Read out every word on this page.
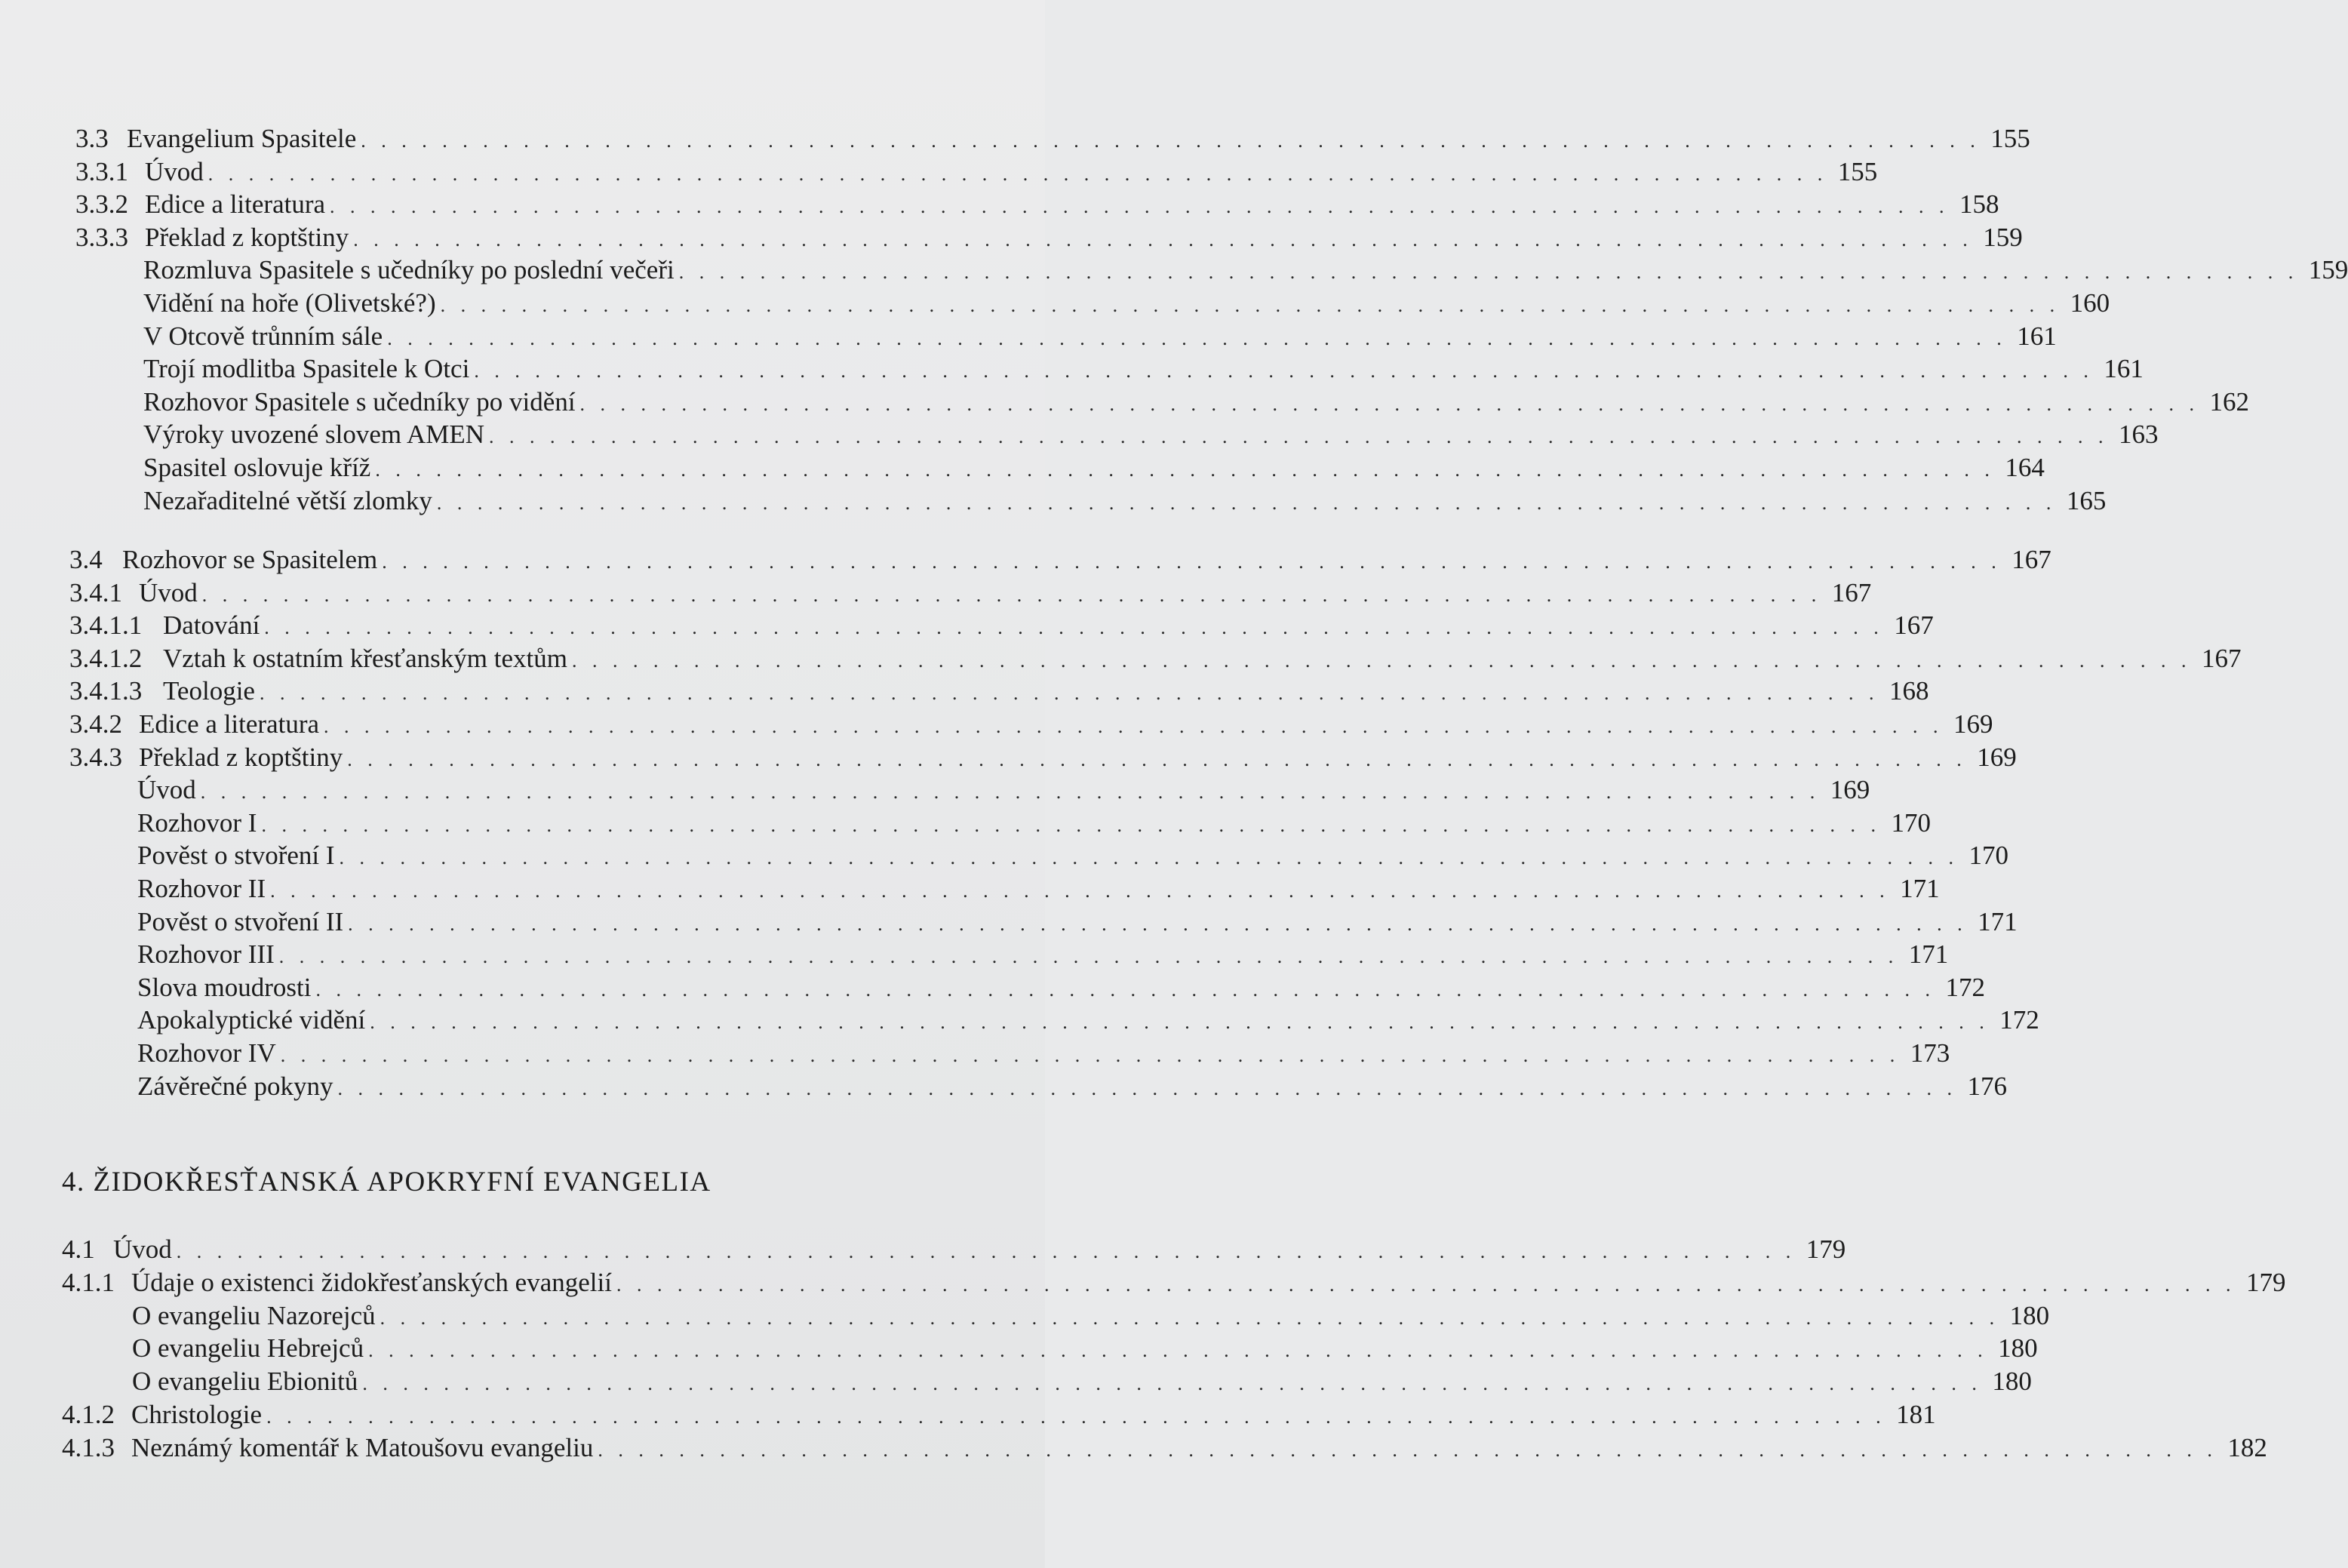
4. ŽIDOKŘESŤANSKÁ APOKRYFNÍ EVANGELIA
3.3 Evangelium Spasitele . . . . . . . . . . . . . . . . . . . . . . . . . . . . . . . . . . . . . . . . . . . . . . . . . . . . . . . . . . . . . . . . . . . . . . . . . . . . . . . . 155
3.3.1 Úvod . . . . . . . . . . . . . . . . . . . . . . . . . . . . . . . . . . . . . . . . . . . . . . . . . . . . . . . . . . . . . . . . . . . . . . . . . . . . . . . . 155
3.3.2 Edice a literatura . . . . . . . . . . . . . . . . . . . . . . . . . . . . . . . . . . . . . . . . . . . . . . . . . . . . . . . . . . . . . . . . . . . . . . . . . . . . . . . . 158
3.3.3 Překlad z koptštiny . . . . . . . . . . . . . . . . . . . . . . . . . . . . . . . . . . . . . . . . . . . . . . . . . . . . . . . . . . . . . . . . . . . . . . . . . . . . . . . . 159
Rozmluva Spasitele s učedníky po poslední večeři . . . . . . . . . . . . . . . . . . . . . . . . . . . . . . . . . . . . . . . . . . . . . . . . . . . . . . . . . . . . . . . . . . . . . . . . . . . . . . . . 159
Vidění na hoře (Olivetské?) . . . . . . . . . . . . . . . . . . . . . . . . . . . . . . . . . . . . . . . . . . . . . . . . . . . . . . . . . . . . . . . . . . . . . . . . . . . . . . . . 160
V Otcově trůnním sále . . . . . . . . . . . . . . . . . . . . . . . . . . . . . . . . . . . . . . . . . . . . . . . . . . . . . . . . . . . . . . . . . . . . . . . . . . . . . . . . 161
Trojí modlitba Spasitele k Otci . . . . . . . . . . . . . . . . . . . . . . . . . . . . . . . . . . . . . . . . . . . . . . . . . . . . . . . . . . . . . . . . . . . . . . . . . . . . . . . . 161
Rozhovor Spasitele s učedníky po vidění . . . . . . . . . . . . . . . . . . . . . . . . . . . . . . . . . . . . . . . . . . . . . . . . . . . . . . . . . . . . . . . . . . . . . . . . . . . . . . . . 162
Výroky uvozené slovem AMEN . . . . . . . . . . . . . . . . . . . . . . . . . . . . . . . . . . . . . . . . . . . . . . . . . . . . . . . . . . . . . . . . . . . . . . . . . . . . . . . . 163
Spasitel oslovuje kříž . . . . . . . . . . . . . . . . . . . . . . . . . . . . . . . . . . . . . . . . . . . . . . . . . . . . . . . . . . . . . . . . . . . . . . . . . . . . . . . . 164
Nezařaditelné větší zlomky . . . . . . . . . . . . . . . . . . . . . . . . . . . . . . . . . . . . . . . . . . . . . . . . . . . . . . . . . . . . . . . . . . . . . . . . . . . . . . . . 165
3.4 Rozhovor se Spasitelem . . . . . . . . . . . . . . . . . . . . . . . . . . . . . . . . . . . . . . . . . . . . . . . . . . . . . . . . . . . . . . . . . . . . . . . . . . . . . . . . 167
3.4.1 Úvod . . . . . . . . . . . . . . . . . . . . . . . . . . . . . . . . . . . . . . . . . . . . . . . . . . . . . . . . . . . . . . . . . . . . . . . . . . . . . . . . 167
3.4.1.1 Datování . . . . . . . . . . . . . . . . . . . . . . . . . . . . . . . . . . . . . . . . . . . . . . . . . . . . . . . . . . . . . . . . . . . . . . . . . . . . . . . . 167
3.4.1.2 Vztah k ostatním křesťanským textům . . . . . . . . . . . . . . . . . . . . . . . . . . . . . . . . . . . . . . . . . . . . . . . . . . . . . . . . . . . . . . . . . . . . . . . . . . . . . . . . 167
3.4.1.3 Teologie . . . . . . . . . . . . . . . . . . . . . . . . . . . . . . . . . . . . . . . . . . . . . . . . . . . . . . . . . . . . . . . . . . . . . . . . . . . . . . . . 168
3.4.2 Edice a literatura . . . . . . . . . . . . . . . . . . . . . . . . . . . . . . . . . . . . . . . . . . . . . . . . . . . . . . . . . . . . . . . . . . . . . . . . . . . . . . . . 169
3.4.3 Překlad z koptštiny . . . . . . . . . . . . . . . . . . . . . . . . . . . . . . . . . . . . . . . . . . . . . . . . . . . . . . . . . . . . . . . . . . . . . . . . . . . . . . . . 169
Úvod . . . . . . . . . . . . . . . . . . . . . . . . . . . . . . . . . . . . . . . . . . . . . . . . . . . . . . . . . . . . . . . . . . . . . . . . . . . . . . . . 169
Rozhovor I . . . . . . . . . . . . . . . . . . . . . . . . . . . . . . . . . . . . . . . . . . . . . . . . . . . . . . . . . . . . . . . . . . . . . . . . . . . . . . . . 170
Pověst o stvoření I . . . . . . . . . . . . . . . . . . . . . . . . . . . . . . . . . . . . . . . . . . . . . . . . . . . . . . . . . . . . . . . . . . . . . . . . . . . . . . . . 170
Rozhovor II . . . . . . . . . . . . . . . . . . . . . . . . . . . . . . . . . . . . . . . . . . . . . . . . . . . . . . . . . . . . . . . . . . . . . . . . . . . . . . . . 171
Pověst o stvoření II . . . . . . . . . . . . . . . . . . . . . . . . . . . . . . . . . . . . . . . . . . . . . . . . . . . . . . . . . . . . . . . . . . . . . . . . . . . . . . . . 171
Rozhovor III . . . . . . . . . . . . . . . . . . . . . . . . . . . . . . . . . . . . . . . . . . . . . . . . . . . . . . . . . . . . . . . . . . . . . . . . . . . . . . . . 171
Slova moudrosti . . . . . . . . . . . . . . . . . . . . . . . . . . . . . . . . . . . . . . . . . . . . . . . . . . . . . . . . . . . . . . . . . . . . . . . . . . . . . . . . 172
Apokalyptické vidění . . . . . . . . . . . . . . . . . . . . . . . . . . . . . . . . . . . . . . . . . . . . . . . . . . . . . . . . . . . . . . . . . . . . . . . . . . . . . . . . 172
Rozhovor IV . . . . . . . . . . . . . . . . . . . . . . . . . . . . . . . . . . . . . . . . . . . . . . . . . . . . . . . . . . . . . . . . . . . . . . . . . . . . . . . . 173
Závěrečné pokyny . . . . . . . . . . . . . . . . . . . . . . . . . . . . . . . . . . . . . . . . . . . . . . . . . . . . . . . . . . . . . . . . . . . . . . . . . . . . . . . . 176
4.1 Úvod . . . . . . . . . . . . . . . . . . . . . . . . . . . . . . . . . . . . . . . . . . . . . . . . . . . . . . . . . . . . . . . . . . . . . . . . . . . . . . . . 179
4.1.1 Údaje o existenci židokřesťanských evangelií . . . . . . . . . . . . . . . . . . . . . . . . . . . . . . . . . . . . . . . . . . . . . . . . . . . . . . . . . . . . . . . . . . . . . . . . . . . . . . . . 179
O evangeliu Nazorejců . . . . . . . . . . . . . . . . . . . . . . . . . . . . . . . . . . . . . . . . . . . . . . . . . . . . . . . . . . . . . . . . . . . . . . . . . . . . . . . . 180
O evangeliu Hebrejců . . . . . . . . . . . . . . . . . . . . . . . . . . . . . . . . . . . . . . . . . . . . . . . . . . . . . . . . . . . . . . . . . . . . . . . . . . . . . . . . 180
O evangeliu Ebionitů . . . . . . . . . . . . . . . . . . . . . . . . . . . . . . . . . . . . . . . . . . . . . . . . . . . . . . . . . . . . . . . . . . . . . . . . . . . . . . . . 180
4.1.2 Christologie . . . . . . . . . . . . . . . . . . . . . . . . . . . . . . . . . . . . . . . . . . . . . . . . . . . . . . . . . . . . . . . . . . . . . . . . . . . . . . . . 181
4.1.3 Neznámý komentář k Matoušovu evangeliu . . . . . . . . . . . . . . . . . . . . . . . . . . . . . . . . . . . . . . . . . . . . . . . . . . . . . . . . . . . . . . . . . . . . . . . . . . . . . . . . 182
